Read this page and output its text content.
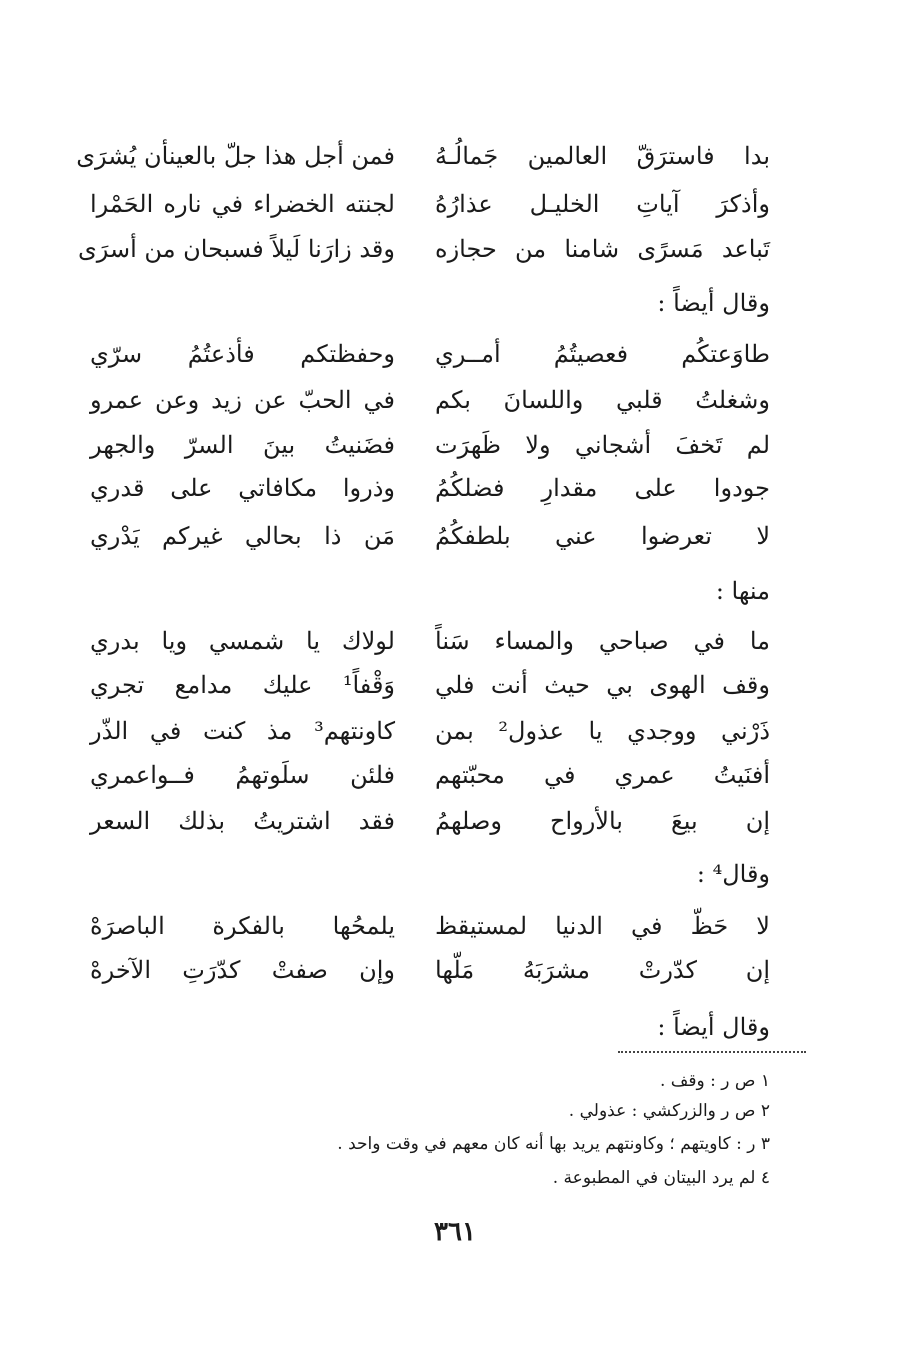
بدا فاسترَقّ العالمين جَمالُـهُ
فمن أجل هذا جلّ بالعينأن يُشرَى
وأذكرَ آياتِ الخليـل عذارُهُ
لجنته الخضراء في ناره الحَمْرا
تَباعد مَسرًى شامنا من حجازه
وقد زارَنا لَيلاً فسبحان من أسرَى
وقال أيضاً :
طاوَعتكُم فعصيتُمُ أمــري
وحفظتكم فأذعتُمُ سرّي
وشغلتُ قلبي واللسانَ بكم
في الحبّ عن زيد وعن عمرو
لم تَخفَ أشجاني ولا ظَهرَت
فضَنيتُ بينَ السرّ والجهر
جودوا على مقدارِ فضلكُمُ
وذروا مكافاتي على قدري
لا تعرضوا عني بلطفكُمُ
مَن ذا بحالي غيركم يَدْري
منها :
ما في صباحي والمساء سَناً
لولاك يا شمسي ويا بدري
وقف الهوى بي حيث أنت فلي
وَقْفاً¹ عليك مدامع تجري
ذَرْني ووجدي يا عذول² بمن
كاونتهم³ مذ كنت في الذّر
أفنَيتُ عمري في محبّتهم
فلئن سلَوتهمُ فــواعمري
إن بيعَ بالأرواح وصلهمُ
فقد اشتريتُ بذلك السعر
وقال⁴ :
لا حَظّ في الدنيا لمستيقظ
يلمحُها بالفكرة الباصرَهْ
إن كدّرتْ مشرَبَهُ مَلّها
وإن صفتْ كدّرَتِ الآخرهْ
وقال أيضاً :
١ ص ر : وقف .
٢ ص ر والزركشي : عذولي .
٣ ر : كاويتهم ؛ وكاونتهم يريد بها أنه كان معهم في وقت واحد .
٤ لم يرد البيتان في المطبوعة .
٣٦١
